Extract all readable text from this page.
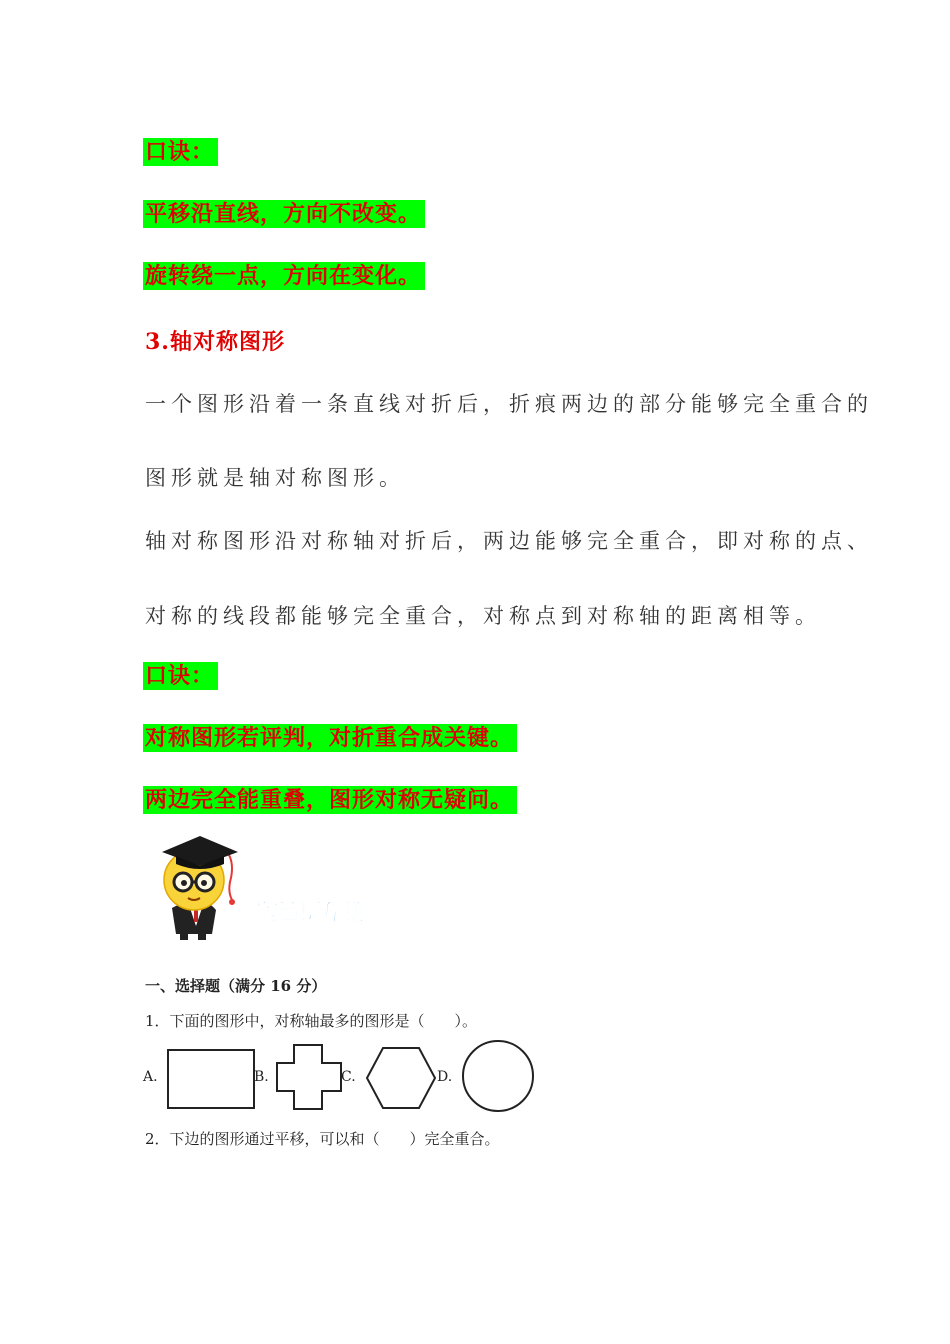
口诀：
平移沿直线，方向不改变。
旋转绕一点，方向在变化。
3.轴对称图形
一个图形沿着一条直线对折后，折痕两边的部分能够完全重合的
图形就是轴对称图形。
轴对称图形沿对称轴对折后，两边能够完全重合，即对称的点、
对称的线段都能够完全重合，对称点到对称轴的距离相等。
口诀：
对称图形若评判，对折重合成关键。
两边完全能重叠，图形对称无疑问。
能力拓展练
一、选择题（满分 16 分）
1．下面的图形中，对称轴最多的图形是（　　）。
A.	B.	C.	D.
2．下边的图形通过平移，可以和（　　）完全重合。
